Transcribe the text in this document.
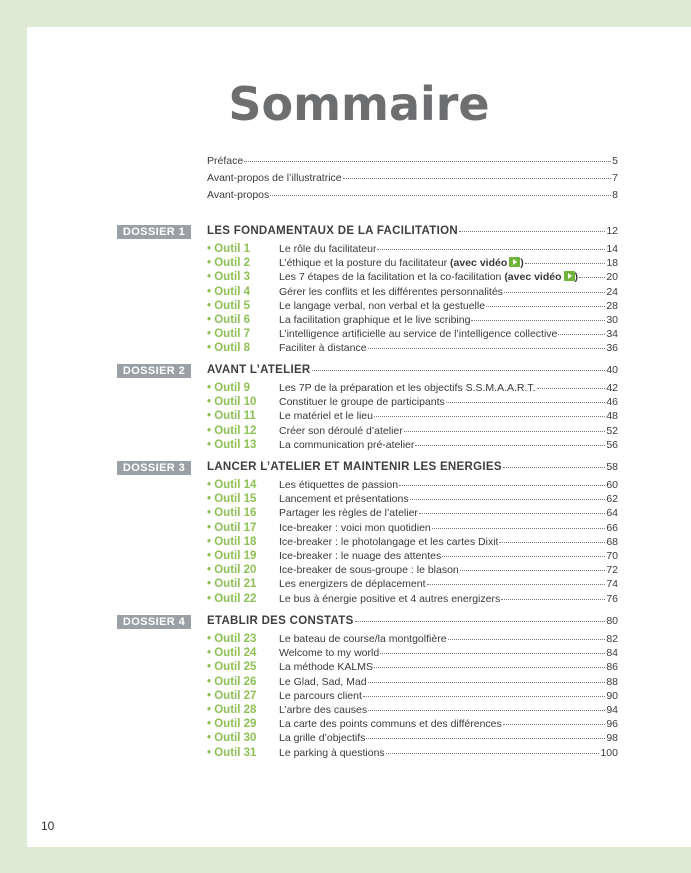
Sommaire
Préface	5
Avant-propos de l’illustratrice	7
Avant-propos	8
DOSSIER 1	LES FONDAMENTAUX DE LA FACILITATION	12
• Outil 1	Le rôle du facilitateur	14
• Outil 2	L’éthique et la posture du facilitateur (avec vidéo )	18
• Outil 3	Les 7 étapes de la facilitation et la co-facilitation (avec vidéo )	20
• Outil 4	Gérer les conflits et les différentes personnalités	24
• Outil 5	Le langage verbal, non verbal et la gestuelle	28
• Outil 6	La facilitation graphique et le live scribing	30
• Outil 7	L’intelligence artificielle au service de l’intelligence collective	34
• Outil 8	Faciliter à distance	36
DOSSIER 2	AVANT L’ATELIER	40
• Outil 9	Les 7P de la préparation et les objectifs S.S.M.A.A.R.T.	42
• Outil 10	Constituer le groupe de participants	46
• Outil 11	Le matériel et le lieu	48
• Outil 12	Créer son déroulé d’atelier	52
• Outil 13	La communication pré-atelier	56
DOSSIER 3	LANCER L’ATELIER ET MAINTENIR LES ÉNERGIES	58
• Outil 14	Les étiquettes de passion	60
• Outil 15	Lancement et présentations	62
• Outil 16	Partager les règles de l’atelier	64
• Outil 17	Ice-breaker : voici mon quotidien	66
• Outil 18	Ice-breaker : le photolangage et les cartes Dixit	68
• Outil 19	Ice-breaker : le nuage des attentes	70
• Outil 20	Ice-breaker de sous-groupe : le blason	72
• Outil 21	Les energizers de déplacement	74
• Outil 22	Le bus à énergie positive et 4 autres energizers	76
DOSSIER 4	ÉTABLIR DES CONSTATS	80
• Outil 23	Le bateau de course/la montgolfière	82
• Outil 24	Welcome to my world	84
• Outil 25	La méthode KALMS	86
• Outil 26	Le Glad, Sad, Mad	88
• Outil 27	Le parcours client	90
• Outil 28	L’arbre des causes	94
• Outil 29	La carte des points communs et des différences	96
• Outil 30	La grille d’objectifs	98
• Outil 31	Le parking à questions	100
10
